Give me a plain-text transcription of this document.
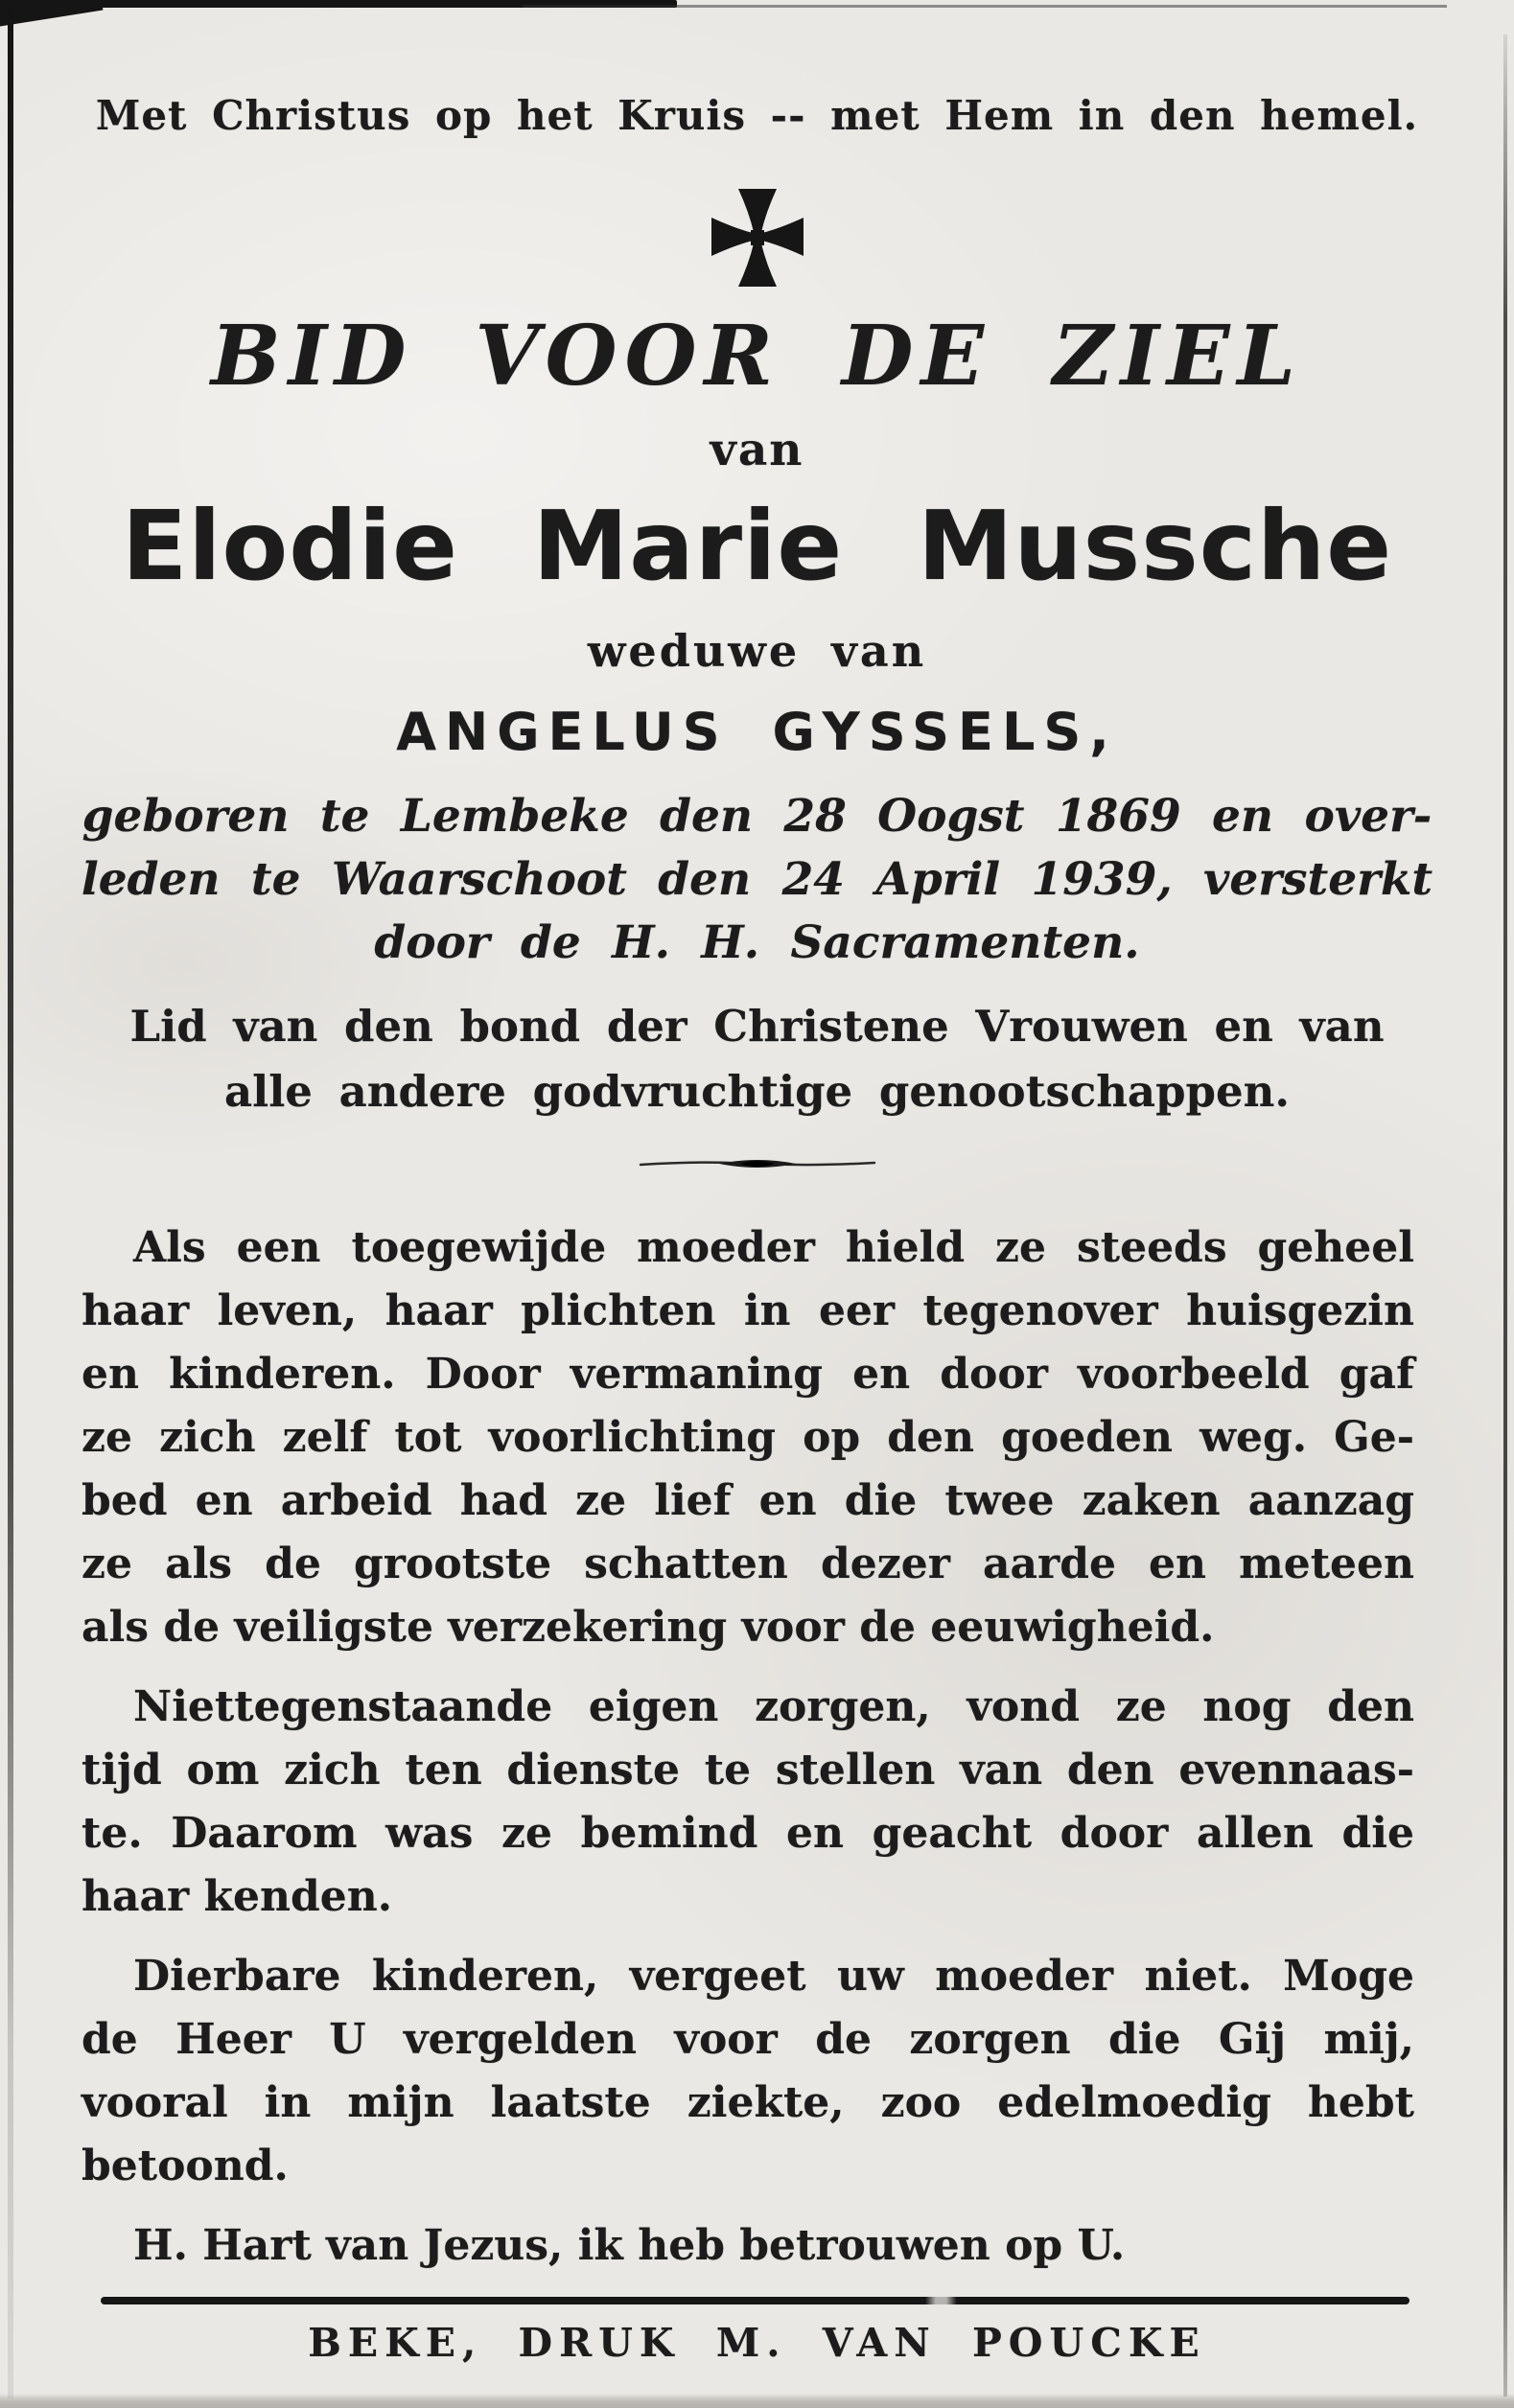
Met Christus op het Kruis -- met Hem in den hemel.
BID VOOR DE ZIEL
van
Elodie Marie Mussche
weduwe van
ANGELUS GYSSELS,
geboren te Lembeke den 28 Oogst 1869 en over-
leden te Waarschoot den 24 April 1939, versterkt
door de H. H. Sacramenten.
Lid van den bond der Christene Vrouwen en van
alle andere godvruchtige genootschappen.
Als een toegewijde moeder hield ze steeds geheel
haar leven, haar plichten in eer tegenover huisgezin
en kinderen. Door vermaning en door voorbeeld gaf
ze zich zelf tot voorlichting op den goeden weg. Ge-
bed en arbeid had ze lief en die twee zaken aanzag
ze als de grootste schatten dezer aarde en meteen
als de veiligste verzekering voor de eeuwigheid.
Niettegenstaande eigen zorgen, vond ze nog den
tijd om zich ten dienste te stellen van den evennaas-
te. Daarom was ze bemind en geacht door allen die
haar kenden.
Dierbare kinderen, vergeet uw moeder niet. Moge
de Heer U vergelden voor de zorgen die Gij mij,
vooral in mijn laatste ziekte, zoo edelmoedig hebt
betoond.
H. Hart van Jezus, ik heb betrouwen op U.
BEKE, DRUK M. VAN POUCKE
